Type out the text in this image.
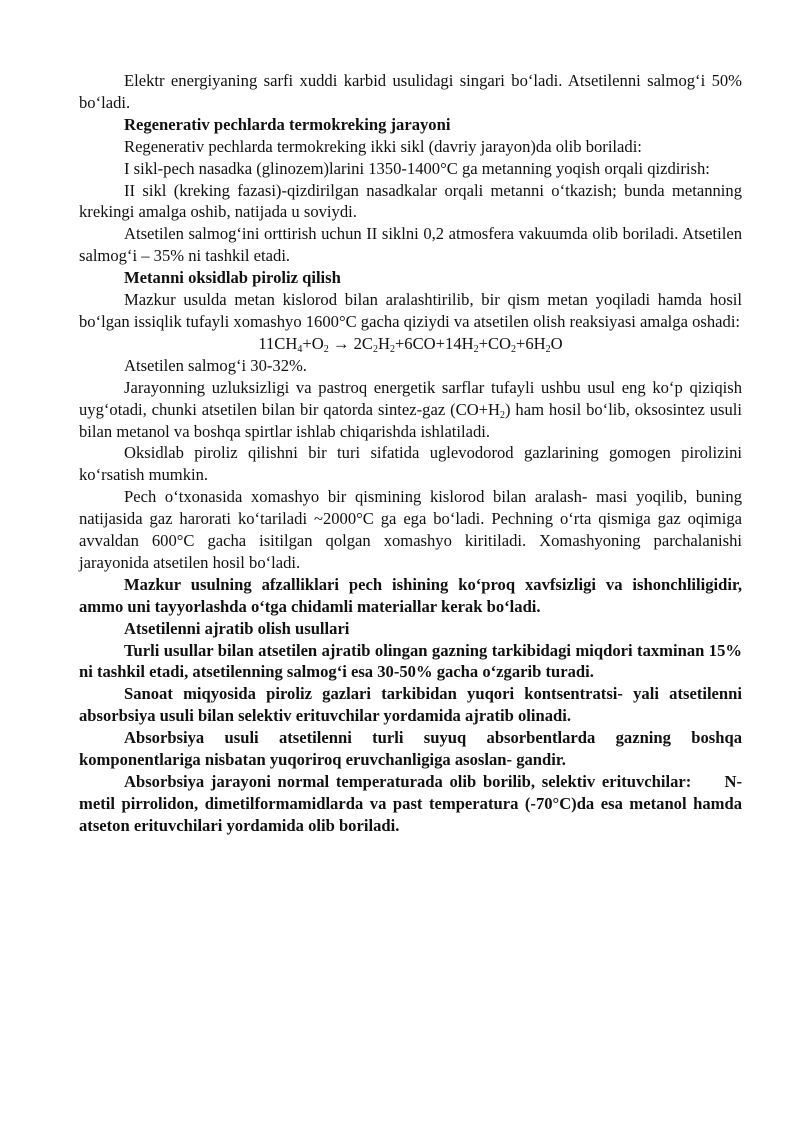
Elektr energiyaning sarfi xuddi karbid usulidagi singari bo‘ladi. Atsetilenni salmog‘i 50% bo‘ladi.

Regenerativ pechlarda termokreking jarayoni

Regenerativ pechlarda termokreking ikki sikl (davriy jarayon)da olib boriladi:

I sikl-pech nasadka (glinozem)larini 1350-1400°C ga metanning yoqish orqali qizdirish:

II sikl (kreking fazasi)-qizdirilgan nasadkalar orqali metanni o‘tkazish; bunda metanning krekingi amalga oshib, natijada u soviydi.

Atsetilen salmog‘ini orttirish uchun II siklni 0,2 atmosfera vakuumda olib boriladi. Atsetilen salmog‘i – 35% ni tashkil etadi.

Metanni oksidlab piroliz qilish

Mazkur usulda metan kislorod bilan aralashtirilib, bir qism metan yoqiladi hamda hosil bo‘lgan issiqlik tufayli xomashyo 1600°C gacha qiziydi va atsetilen olish reaksiyasi amalga oshadi:

$11CH_4+O_2 \to 2C_2H_2+6CO+14H_2+CO_2+6H_2O$

Atsetilen salmog‘i 30-32%.

Jarayonning uzluksizligi va pastroq energetik sarflar tufayli ushbu usul eng ko‘p qiziqish uyg‘otadi, chunki atsetilen bilan bir qatorda sintez-gaz $(CO+H_2)$ ham hosil bo‘lib, oksosintez usuli bilan metanol va boshqa spirtlar ishlab chiqarishda ishlatiladi.

Oksidlab piroliz qilishni bir turi sifatida uglevodorod gazlarining gomogen pirolizini ko‘rsatish mumkin.

Pech o‘txonasida xomashyo bir qismining kislorod bilan aralash- masi yoqilib, buning natijasida gaz harorati ko‘tariladi ~2000°C ga ega bo‘ladi. Pechning o‘rta qismiga gaz oqimiga avvaldan 600°C gacha isitilgan qolgan xomashyo kiritiladi. Xomashyoning parchalanishi jarayonida atsetilen hosil bo‘ladi.

Mazkur usulning afzalliklari pech ishining ko‘proq xavfsizligi va ishonchliligidir, ammo uni tayyorlashda o‘tga chidamli materiallar kerak bo‘ladi.

Atsetilenni ajratib olish usullari

Turli usullar bilan atsetilen ajratib olingan gazning tarkibidagi miqdori taxminan 15% ni tashkil etadi, atsetilenning salmog‘i esa 30-50% gacha o‘zgarib turadi.

Sanoat miqyosida piroliz gazlari tarkibidan yuqori kontsentratsi- yali atsetilenni absorbsiya usuli bilan selektiv erituvchilar yordamida ajratib olinadi.

Absorbsiya usuli atsetilenni turli suyuq absorbentlarda gazning boshqa komponentlariga nisbatan yuqoriroq eruvchanligiga asoslan- gandir.

Absorbsiya jarayoni normal temperaturada olib borilib, selektiv erituvchilar:  N-metil pirrolidon, dimetilformamidlarda va past temperatura (-70°C)da esa metanol hamda atseton erituvchilari yordamida olib boriladi.
